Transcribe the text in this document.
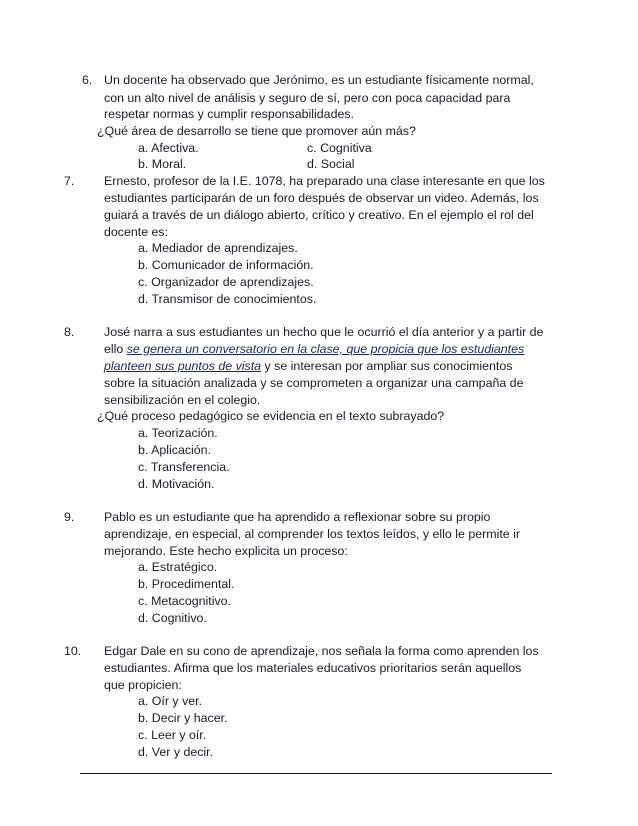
6. Un docente ha observado que Jerónimo, es un estudiante físicamente normal,
con un alto nivel de análisis y seguro de sí, pero con poca capacidad para
respetar normas y cumplir responsabilidades.
¿Qué área de desarrollo se tiene que promover aún más?
a. Afectiva.
b. Moral.
c. Cognitiva
d. Social
7. Ernesto, profesor de la I.E. 1078, ha preparado una clase interesante en que los
estudiantes participarán de un foro después de observar un video. Además, los
guiará a través de un diálogo abierto, crítico y creativo. En el ejemplo el rol del
docente es:
a. Mediador de aprendizajes.
b. Comunicador de información.
c. Organizador de aprendizajes.
d. Transmisor de conocimientos.
8. José narra a sus estudiantes un hecho que le ocurrió el día anterior y a partir de
ello se genera un conversatorio en la clase, que propicia que los estudiantes
planteen sus puntos de vista y se interesan por ampliar sus conocimientos
sobre la situación analizada y se comprometen a organizar una campaña de
sensibilización en el colegio.
¿Qué proceso pedagógico se evidencia en el texto subrayado?
a. Teorización.
b. Aplicación.
c. Transferencia.
d. Motivación.
9. Pablo es un estudiante que ha aprendido a reflexionar sobre su propio
aprendizaje, en especial, al comprender los textos leídos, y ello le permite ir
mejorando. Este hecho explicita un proceso:
a. Estratégico.
b. Procedimental.
c. Metacognitivo.
d. Cognitivo.
10. Edgar Dale en su cono de aprendizaje, nos señala la forma como aprenden los
estudiantes. Afirma que los materiales educativos prioritarios serán aquellos
que propicien:
a. Oír y ver.
b. Decir y hacer.
c. Leer y oír.
d. Ver y decir.
